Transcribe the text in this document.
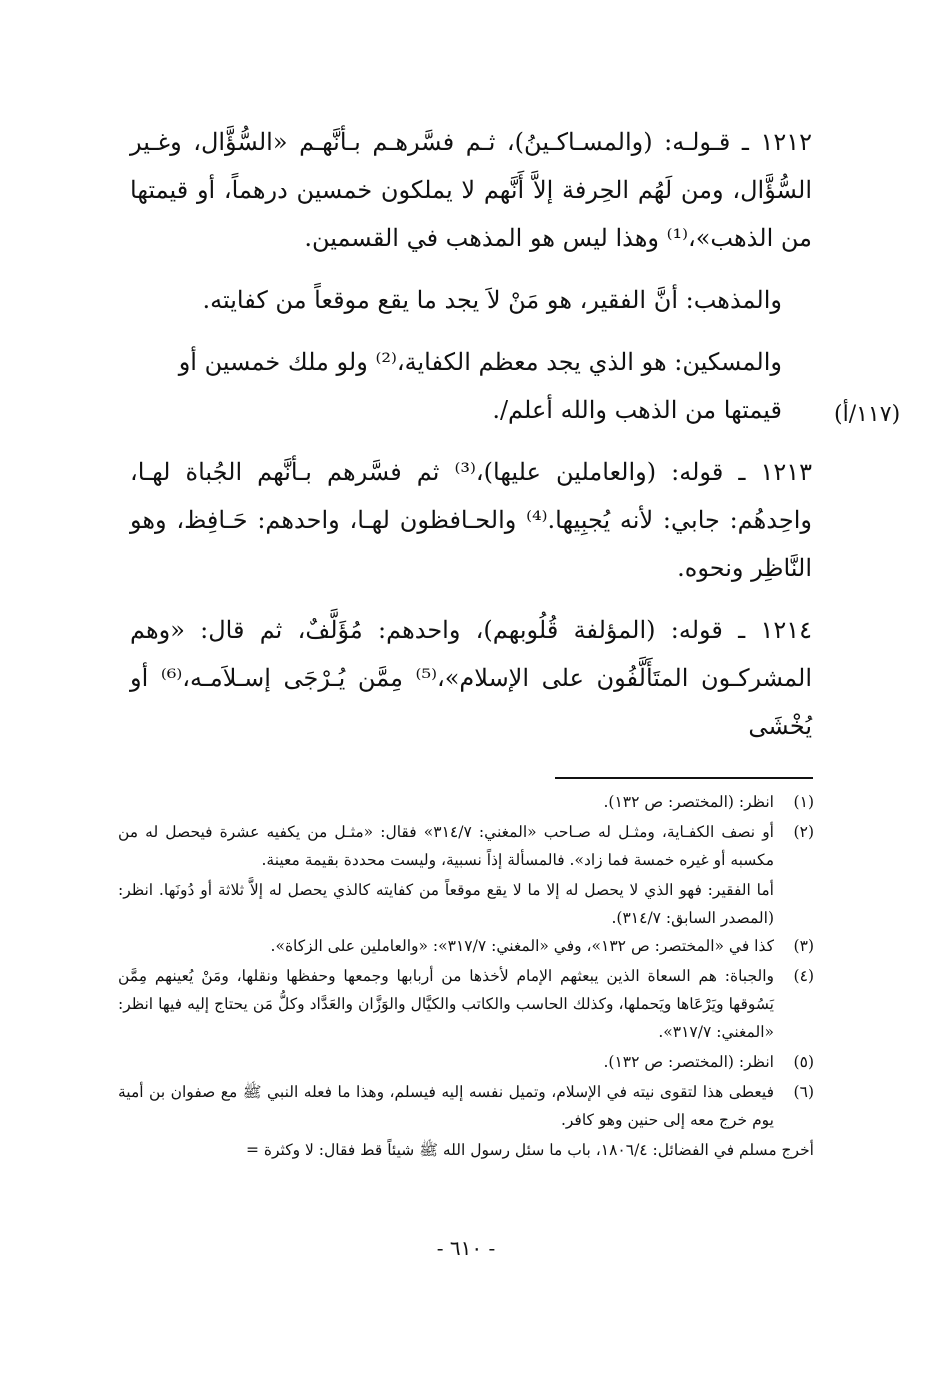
١٢١٢ ـ قـولـه: (والمسـاكـينُ)، ثـم فسَّرهـم بـأنَّهـم «السُّؤَّال، وغـير السُّؤَّال، ومن لَهُم الحِرفة إلاَّ أَنَّهم لا يملكون خمسين درهماً، أو قيمتها من الذهب»،⁽¹⁾ وهذا ليس هو المذهب في القسمين.

والمذهب: أنَّ الفقير، هو مَنْ لاَ يجد ما يقع موقعاً من كفايته.

والمسكين: هو الذي يجد معظم الكفاية،⁽²⁾ ولو ملك خمسين أو قيمتها من الذهب والله أعلم/.

١٢١٣ ـ قوله: (والعاملين عليها)،⁽³⁾ ثم فسَّرهم بـأنَّهم الجُباة لهـا، واحِدهُم: جابي: لأنه يُجبِيها.⁽⁴⁾ والحـافظون لهـا، واحدهم: حَـافِظ، وهو النَّاظِر ونحوه.

١٢١٤ ـ قوله: (المؤلفة قُلُوبهم)، واحدهم: مُؤَلَّفٌ، ثم قال: «وهم المشركـون المتَأَلَّفُون على الإسلام»،⁽⁵⁾ مِمَّن يُـرْجَى إسـلاَمـه،⁽⁶⁾ أو يُخْشَى

(١١٧/أ)
(١)
انظر: (المختصر: ص ١٣٢).
(٢)
أو نصف الكفـاية، ومثـل له صـاحب «المغني: ٣١٤/٧» فقال: «مثـل من يكفيه عشرة فيحصل له من مكسبه أو غيره خمسة فما زاد». فالمسألة إذاً نسبية، وليست محددة بقيمة معينة.

أما الفقير: فهو الذي لا يحصل له إلا ما لا يقع موقعاً من كفايته كالذي يحصل له إلاَّ ثلاثة أو دُونَها. انظر: (المصدر السابق: ٣١٤/٧).

(٣)
كذا في «المختصر: ص ١٣٢»، وفي «المغني: ٣١٧/٧»: «والعاملين على الزكاة».
(٤)
والجباة: هم السعاة الذين يبعثهم الإمام لأخذها من أربابها وجمعها وحفظها ونقلها، ومَنْ يُعينهم مِمَّن يَسُوقها ويَرْعَاها ويَحملها، وكذلك الحاسب والكاتب والكيَّال والوَزَّان والعَدَّاد وكلُّ مَن يحتاج إليه فيها انظر: «المغني: ٣١٧/٧».
(٥)
انظر: (المختصر: ص ١٣٢).
(٦)
فيعطى هذا لتقوى نيته في الإسلام، وتميل نفسه إليه فيسلم، وهذا ما فعله النبي ﷺ مع صفوان بن أمية يوم خرج معه إلى حنين وهو كافر.

أخرج مسلم في الفضائل: ١٨٠٦/٤، باب ما سئل رسول الله ﷺ شيئاً قط فقال: لا وكثرة =

- ٦١٠ -
